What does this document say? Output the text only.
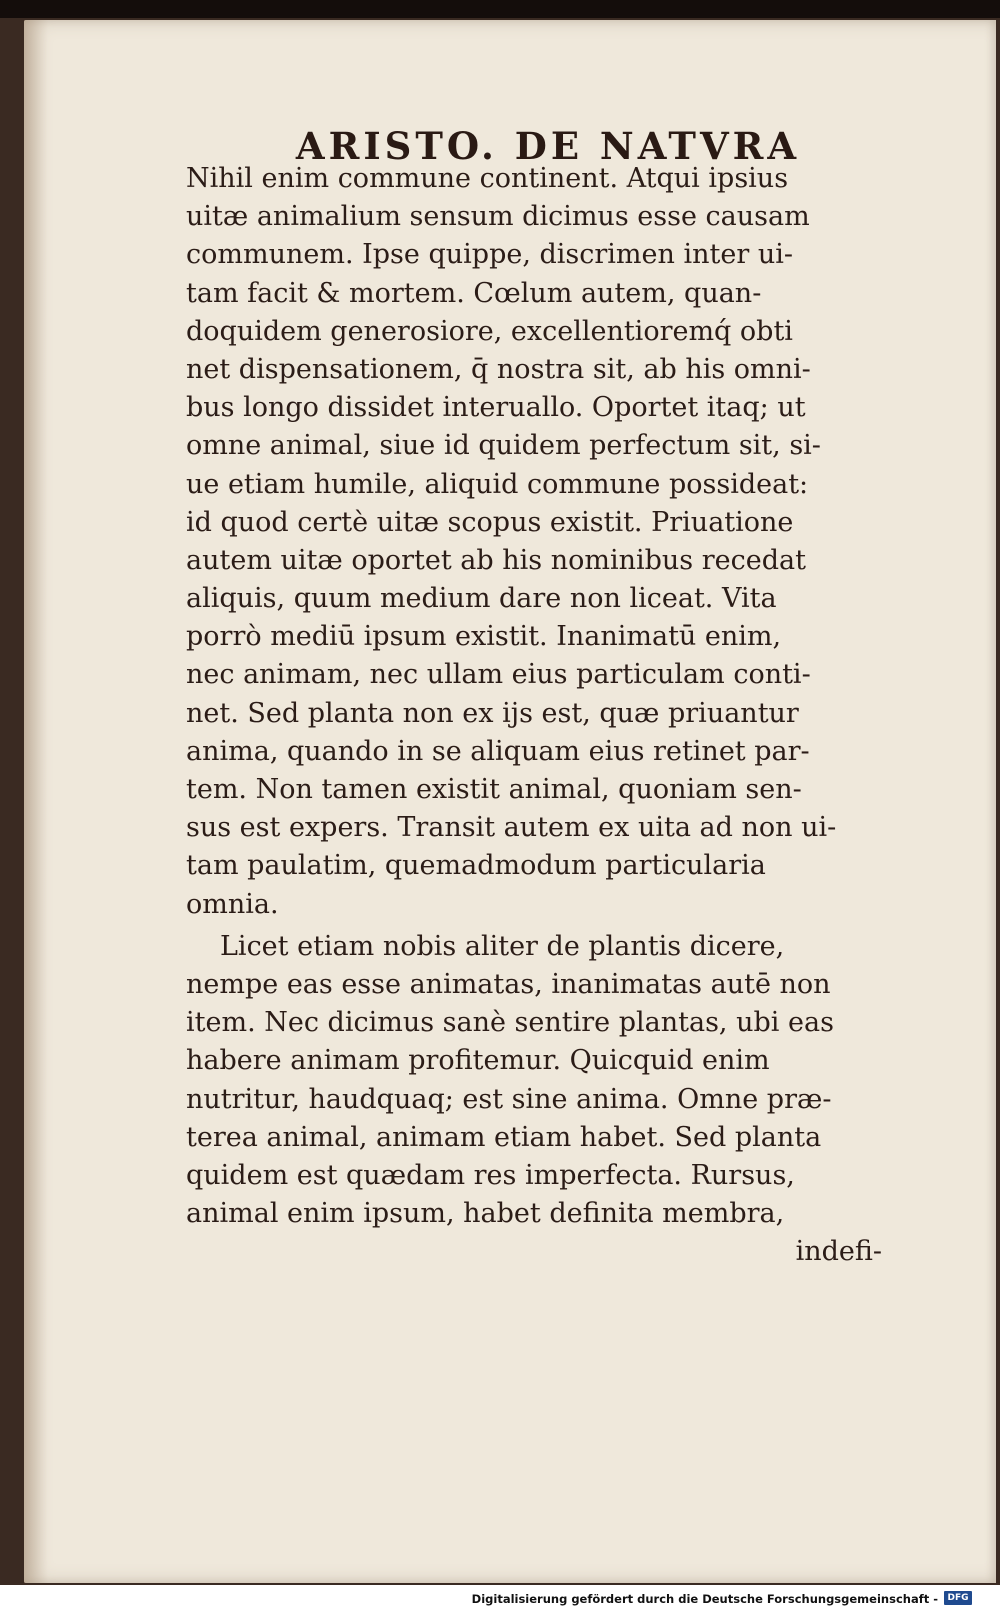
ARISTO. DE NATVRA
Nihil enim commune continent. Atqui ipsius
uitæ animalium sensum dicimus esse causam
communem. Ipse quippe, discrimen inter ui-
tam facit & mortem. Cœlum autem, quan-
doquidem generosiore, excellentioremq́ obti
net dispensationem, q̄ nostra sit, ab his omni-
bus longo dissidet interuallo. Oportet itaq; ut
omne animal, siue id quidem perfectum sit, si-
ue etiam humile, aliquid commune possideat:
id quod certè uitæ scopus existit. Priuatione
autem uitæ oportet ab his nominibus recedat
aliquis, quum medium dare non liceat. Vita
porrò mediū ipsum existit. Inanimatū enim,
nec animam, nec ullam eius particulam conti-
net. Sed planta non ex ijs est, quæ priuantur
anima, quando in se aliquam eius retinet par-
tem. Non tamen existit animal, quoniam sen-
sus est expers. Transit autem ex uita ad non ui-
tam paulatim, quemadmodum particularia
omnia.
Licet etiam nobis aliter de plantis dicere,
nempe eas esse animatas, inanimatas autē non
item. Nec dicimus sanè sentire plantas, ubi eas
habere animam profitemur. Quicquid enim
nutritur, haudquaq; est sine anima. Omne præ-
terea animal, animam etiam habet. Sed planta
quidem est quædam res imperfecta. Rursus,
animal enim ipsum, habet definita membra,
indefi-
Digitalisierung gefördert durch die Deutsche Forschungsgemeinschaft -	DFG
